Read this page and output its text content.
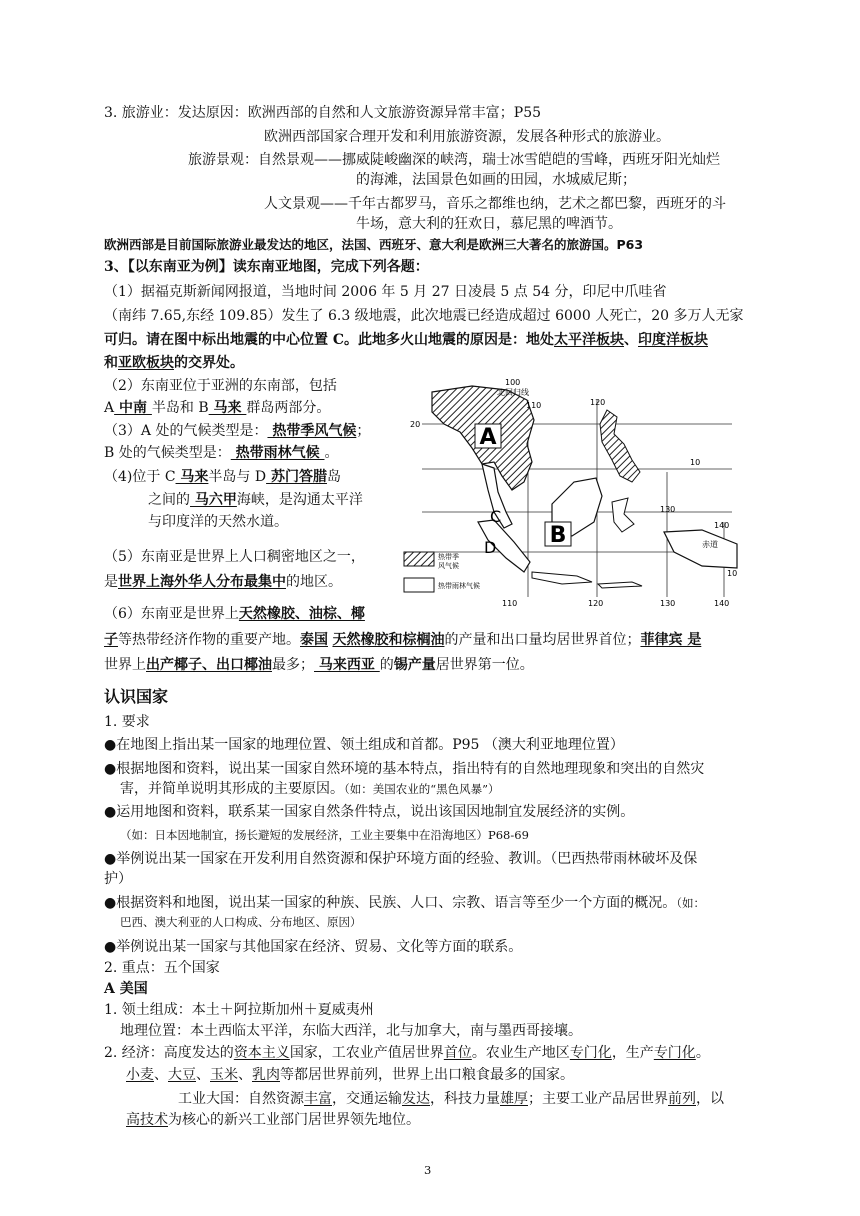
3. 旅游业：发达原因：欧洲西部的自然和人文旅游资源异常丰富；P55
欧洲西部国家合理开发和利用旅游资源，发展各种形式的旅游业。
旅游景观：自然景观——挪威陡峻幽深的峡湾，瑞士冰雪皑皑的雪峰，西班牙阳光灿烂
的海滩，法国景色如画的田园，水城威尼斯；
人文景观——千年古都罗马，音乐之都维也纳，艺术之都巴黎，西班牙的斗
牛场，意大利的狂欢日，慕尼黑的啤酒节。
欧洲西部是目前国际旅游业最发达的地区，法国、西班牙、意大利是欧洲三大著名的旅游国。P63
3、【以东南亚为例】读东南亚地图，完成下列各题：
（1）据福克斯新闻网报道，当地时间 2006 年 5 月 27 日凌晨 5 点 54 分，印尼中爪哇省
（南纬 7.65,东经 109.85）发生了 6.3 级地震，此次地震已经造成超过 6000 人死亡，20 多万人无家
可归。请在图中标出地震的中心位置 C。此地多火山地震的原因是：地处太平洋板块、印度洋板块
和亚欧板块的交界处。
（2）东南亚位于亚洲的东南部，包括
A 中南 半岛和 B 马来 群岛两部分。
（3）A 处的气候类型是： 热带季风气候；
B 处的气候类型是： 热带雨林气候 。
（4)位于 C 马来半岛与 D 苏门答腊岛
之间的 马六甲海峡，是沟通太平洋
与印度洋的天然水道。
（5）东南亚是世界上人口稠密地区之一，
是世界上海外华人分布最集中的地区。
（6）东南亚是世界上天然橡胶、油棕、椰
子等热带经济作物的重要产地。泰国 天然橡胶和棕榈油的产量和出口量均居世界首位；菲律宾 是
世界上出产椰子、出口椰油最多； 马来西亚 的锡产量居世界第一位。
A
B
C
D
100
北回归线
110	120
20
10
130
140
赤道
10
110	120	130	140
热带季
风气候
热带雨林气候
认识国家
1. 要求
●在地图上指出某一国家的地理位置、领土组成和首都。P95 （澳大利亚地理位置）
●根据地图和资料，说出某一国家自然环境的基本特点，指出特有的自然地理现象和突出的自然灾
害，并简单说明其形成的主要原因。（如：美国农业的“黑色风暴”）
●运用地图和资料，联系某一国家自然条件特点，说出该国因地制宜发展经济的实例。
（如：日本因地制宜，扬长避短的发展经济，工业主要集中在沿海地区）P68-69
●举例说出某一国家在开发利用自然资源和保护环境方面的经验、教训。（巴西热带雨林破坏及保
护）
●根据资料和地图，说出某一国家的种族、民族、人口、宗教、语言等至少一个方面的概况。（如：
巴西、澳大利亚的人口构成、分布地区、原因）
●举例说出某一国家与其他国家在经济、贸易、文化等方面的联系。
2. 重点：五个国家
A 美国
1. 领土组成：本土＋阿拉斯加州＋夏威夷州
地理位置：本土西临太平洋，东临大西洋，北与加拿大，南与墨西哥接壤。
2. 经济：高度发达的资本主义国家，工农业产值居世界首位。农业生产地区专门化，生产专门化。
小麦、大豆、玉米、乳肉等都居世界前列，世界上出口粮食最多的国家。
工业大国：自然资源丰富，交通运输发达，科技力量雄厚；主要工业产品居世界前列，以
高技术为核心的新兴工业部门居世界领先地位。
3
